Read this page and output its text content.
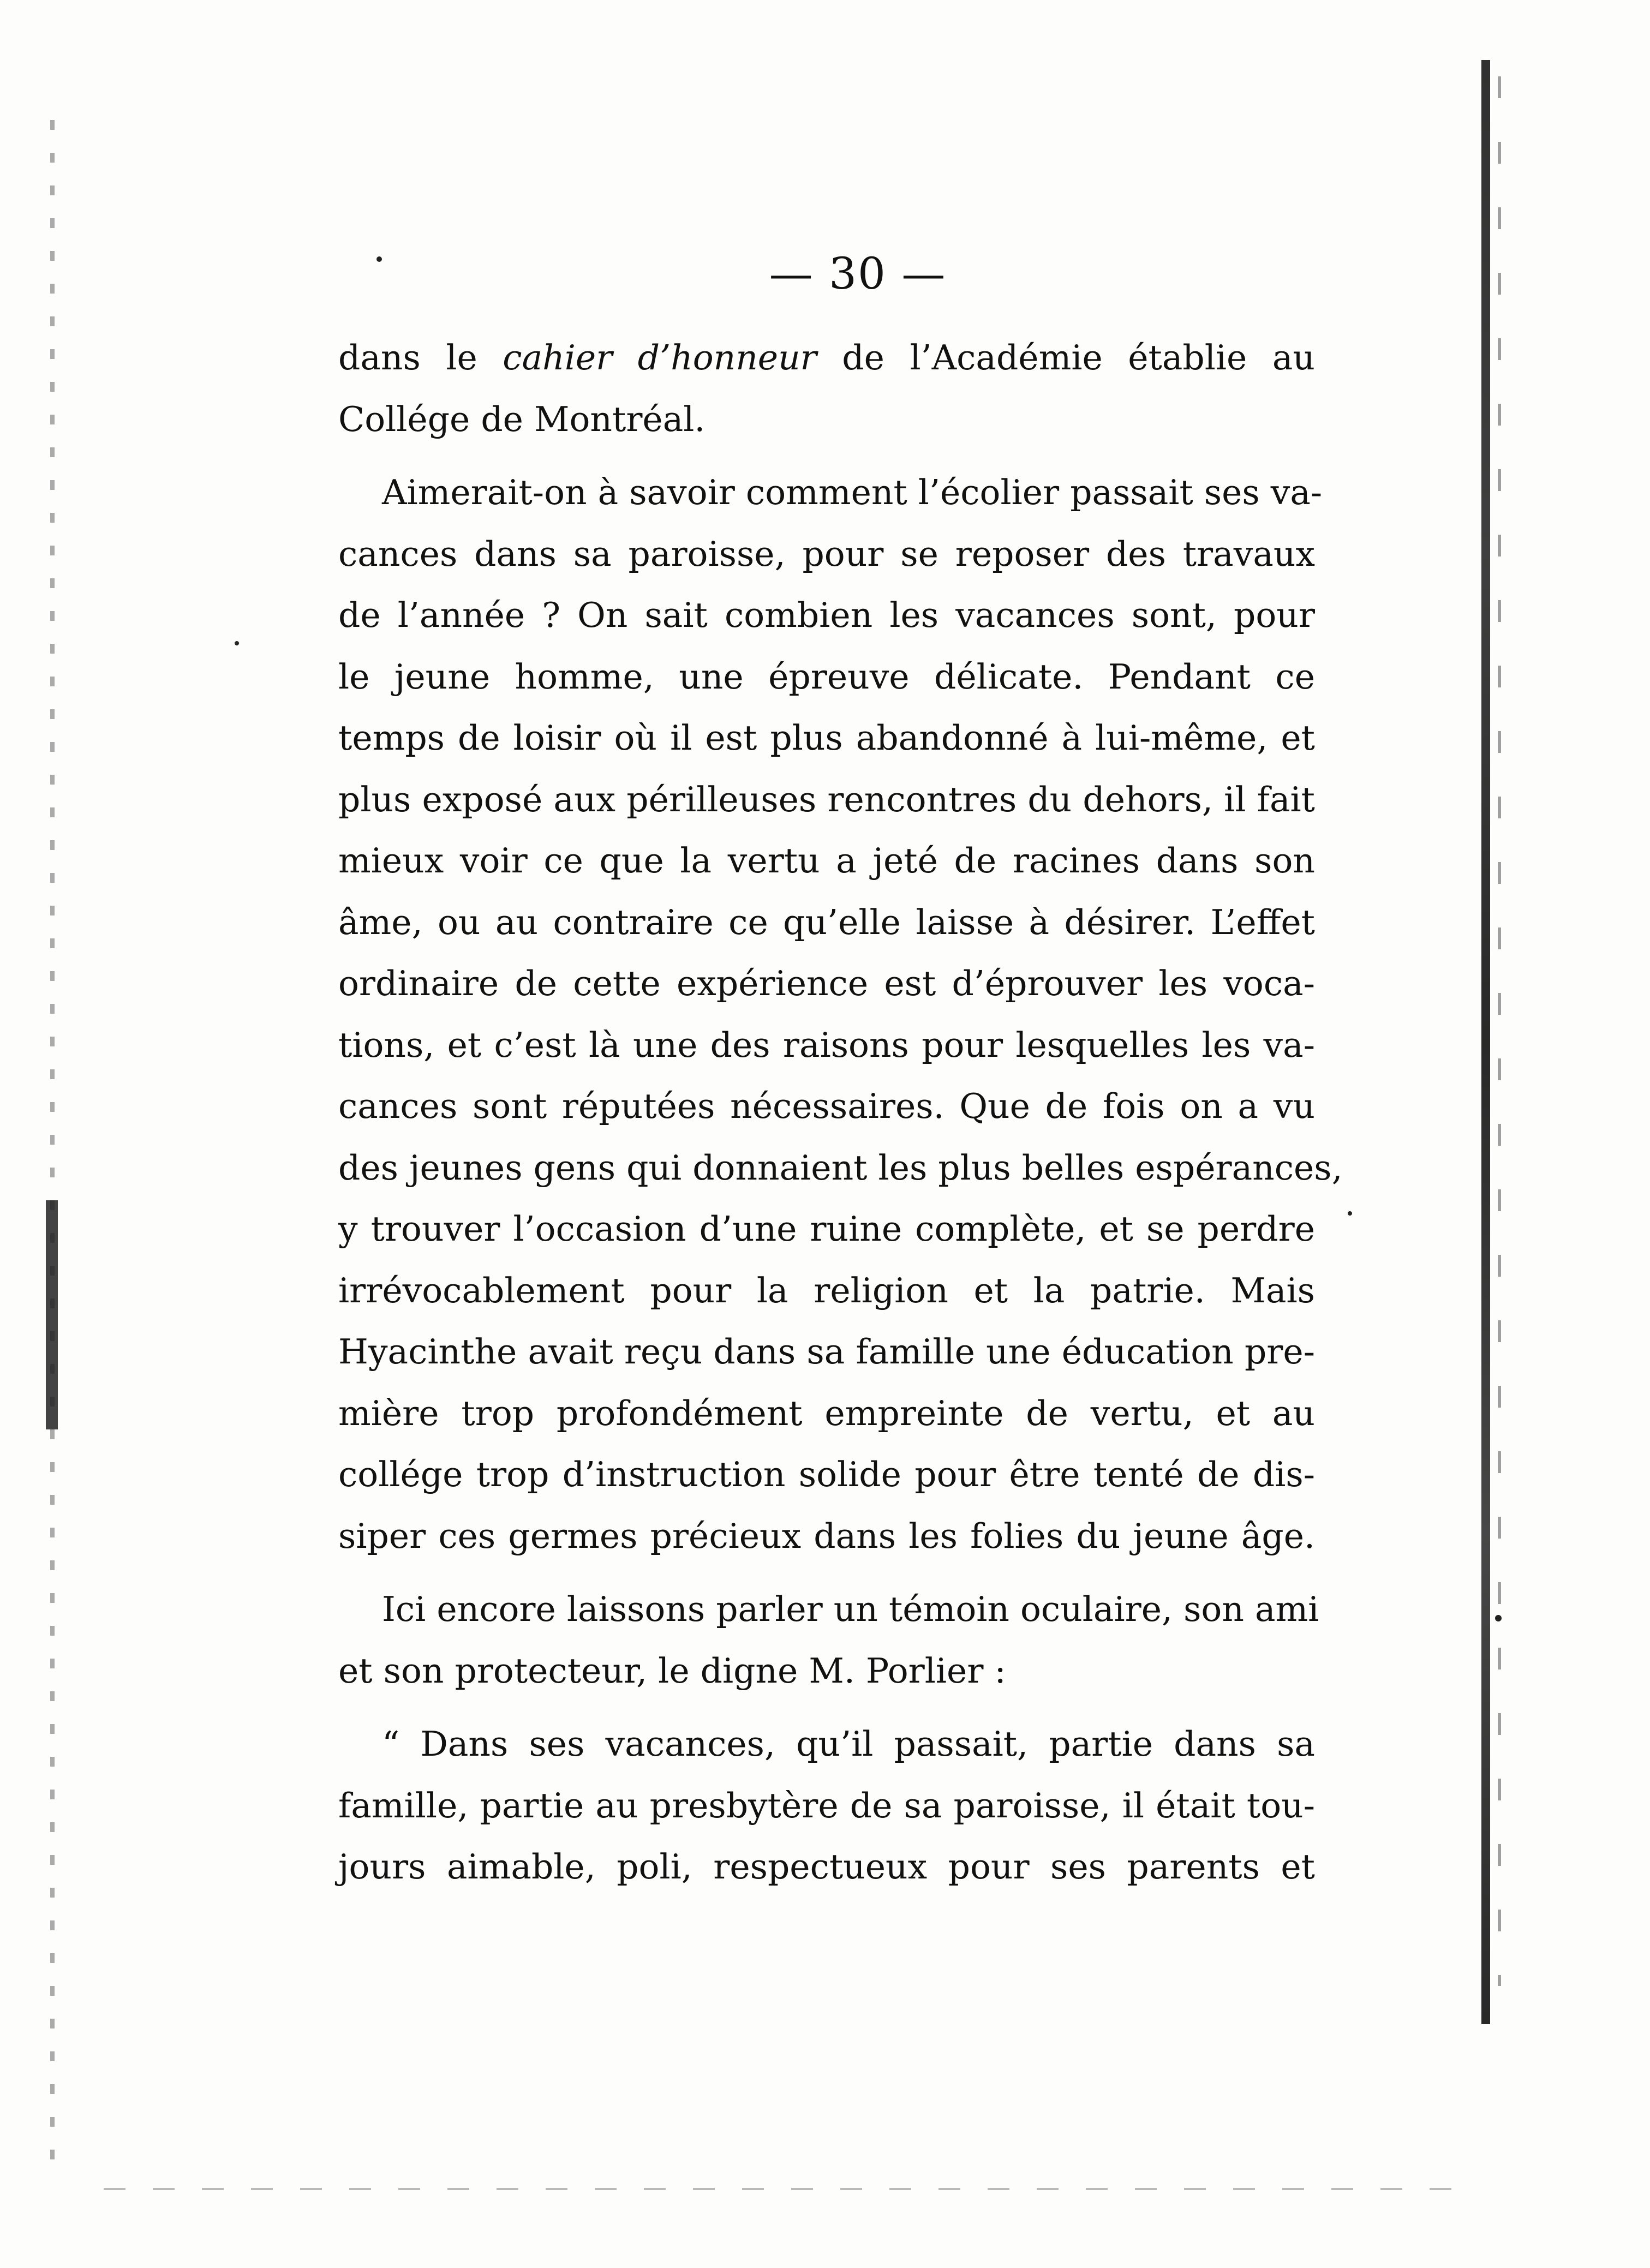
— 30 —
dans le cahier d’honneur de l’Académie établie au
Collége de Montréal.
Aimerait-on à savoir comment l’écolier passait ses va-
cances dans sa paroisse, pour se reposer des travaux
de l’année ? On sait combien les vacances sont, pour
le jeune homme, une épreuve délicate. Pendant ce
temps de loisir où il est plus abandonné à lui-même, et
plus exposé aux périlleuses rencontres du dehors, il fait
mieux voir ce que la vertu a jeté de racines dans son
âme, ou au contraire ce qu’elle laisse à désirer. L’effet
ordinaire de cette expérience est d’éprouver les voca-
tions, et c’est là une des raisons pour lesquelles les va-
cances sont réputées nécessaires. Que de fois on a vu
des jeunes gens qui donnaient les plus belles espérances,
y trouver l’occasion d’une ruine complète, et se perdre
irrévocablement pour la religion et la patrie. Mais
Hyacinthe avait reçu dans sa famille une éducation pre-
mière trop profondément empreinte de vertu, et au
collége trop d’instruction solide pour être tenté de dis-
siper ces germes précieux dans les folies du jeune âge.
Ici encore laissons parler un témoin oculaire, son ami
et son protecteur, le digne M. Porlier :
“ Dans ses vacances, qu’il passait, partie dans sa
famille, partie au presbytère de sa paroisse, il était tou-
jours aimable, poli, respectueux pour ses parents et
